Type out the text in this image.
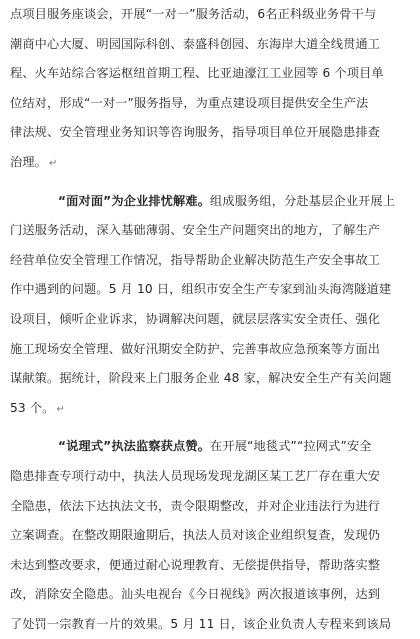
点项目服务座谈会，开展“一对一”服务活动，6名正科级业务骨干与
潮商中心大厦、明园国际科创、泰盛科创园、东海岸大道全线贯通工
程、火车站综合客运枢纽首期工程、比亚迪濠江工业园等 6 个项目单
位结对，形成“一对一”服务指导，为重点建设项目提供安全生产法
律法规、安全管理业务知识等咨询服务，指导项目单位开展隐患排查
治理。 ↵
“面对面”为企业排忧解难。组成服务组，分赴基层企业开展上
门送服务活动，深入基础薄弱、安全生产问题突出的地方，了解生产
经营单位安全管理工作情况，指导帮助企业解决防范生产安全事故工
作中遇到的问题。5 月 10 日，组织市安全生产专家到汕头海湾隧道建
设项目，倾听企业诉求，协调解决问题，就层层落实安全责任、强化
施工现场安全管理、做好汛期安全防护、完善事故应急预案等方面出
谋献策。据统计，阶段来上门服务企业 48 家，解决安全生产有关问题
53 个。 ↵
“说理式”执法监察获点赞。在开展“地毯式”“拉网式”安全
隐患排查专项行动中，执法人员现场发现龙湖区某工艺厂存在重大安
全隐患，依法下达执法文书，责令限期整改，并对企业违法行为进行
立案调查。在整改期限逾期后，执法人员对该企业组织复查，发现仍
未达到整改要求，便通过耐心说理教育、无偿提供指导，帮助落实整
改，消除安全隐患。汕头电视台《今日视线》两次报道该事例，达到
了处罚一宗教育一片的效果。5 月 11 日，该企业负责人专程来到该局
